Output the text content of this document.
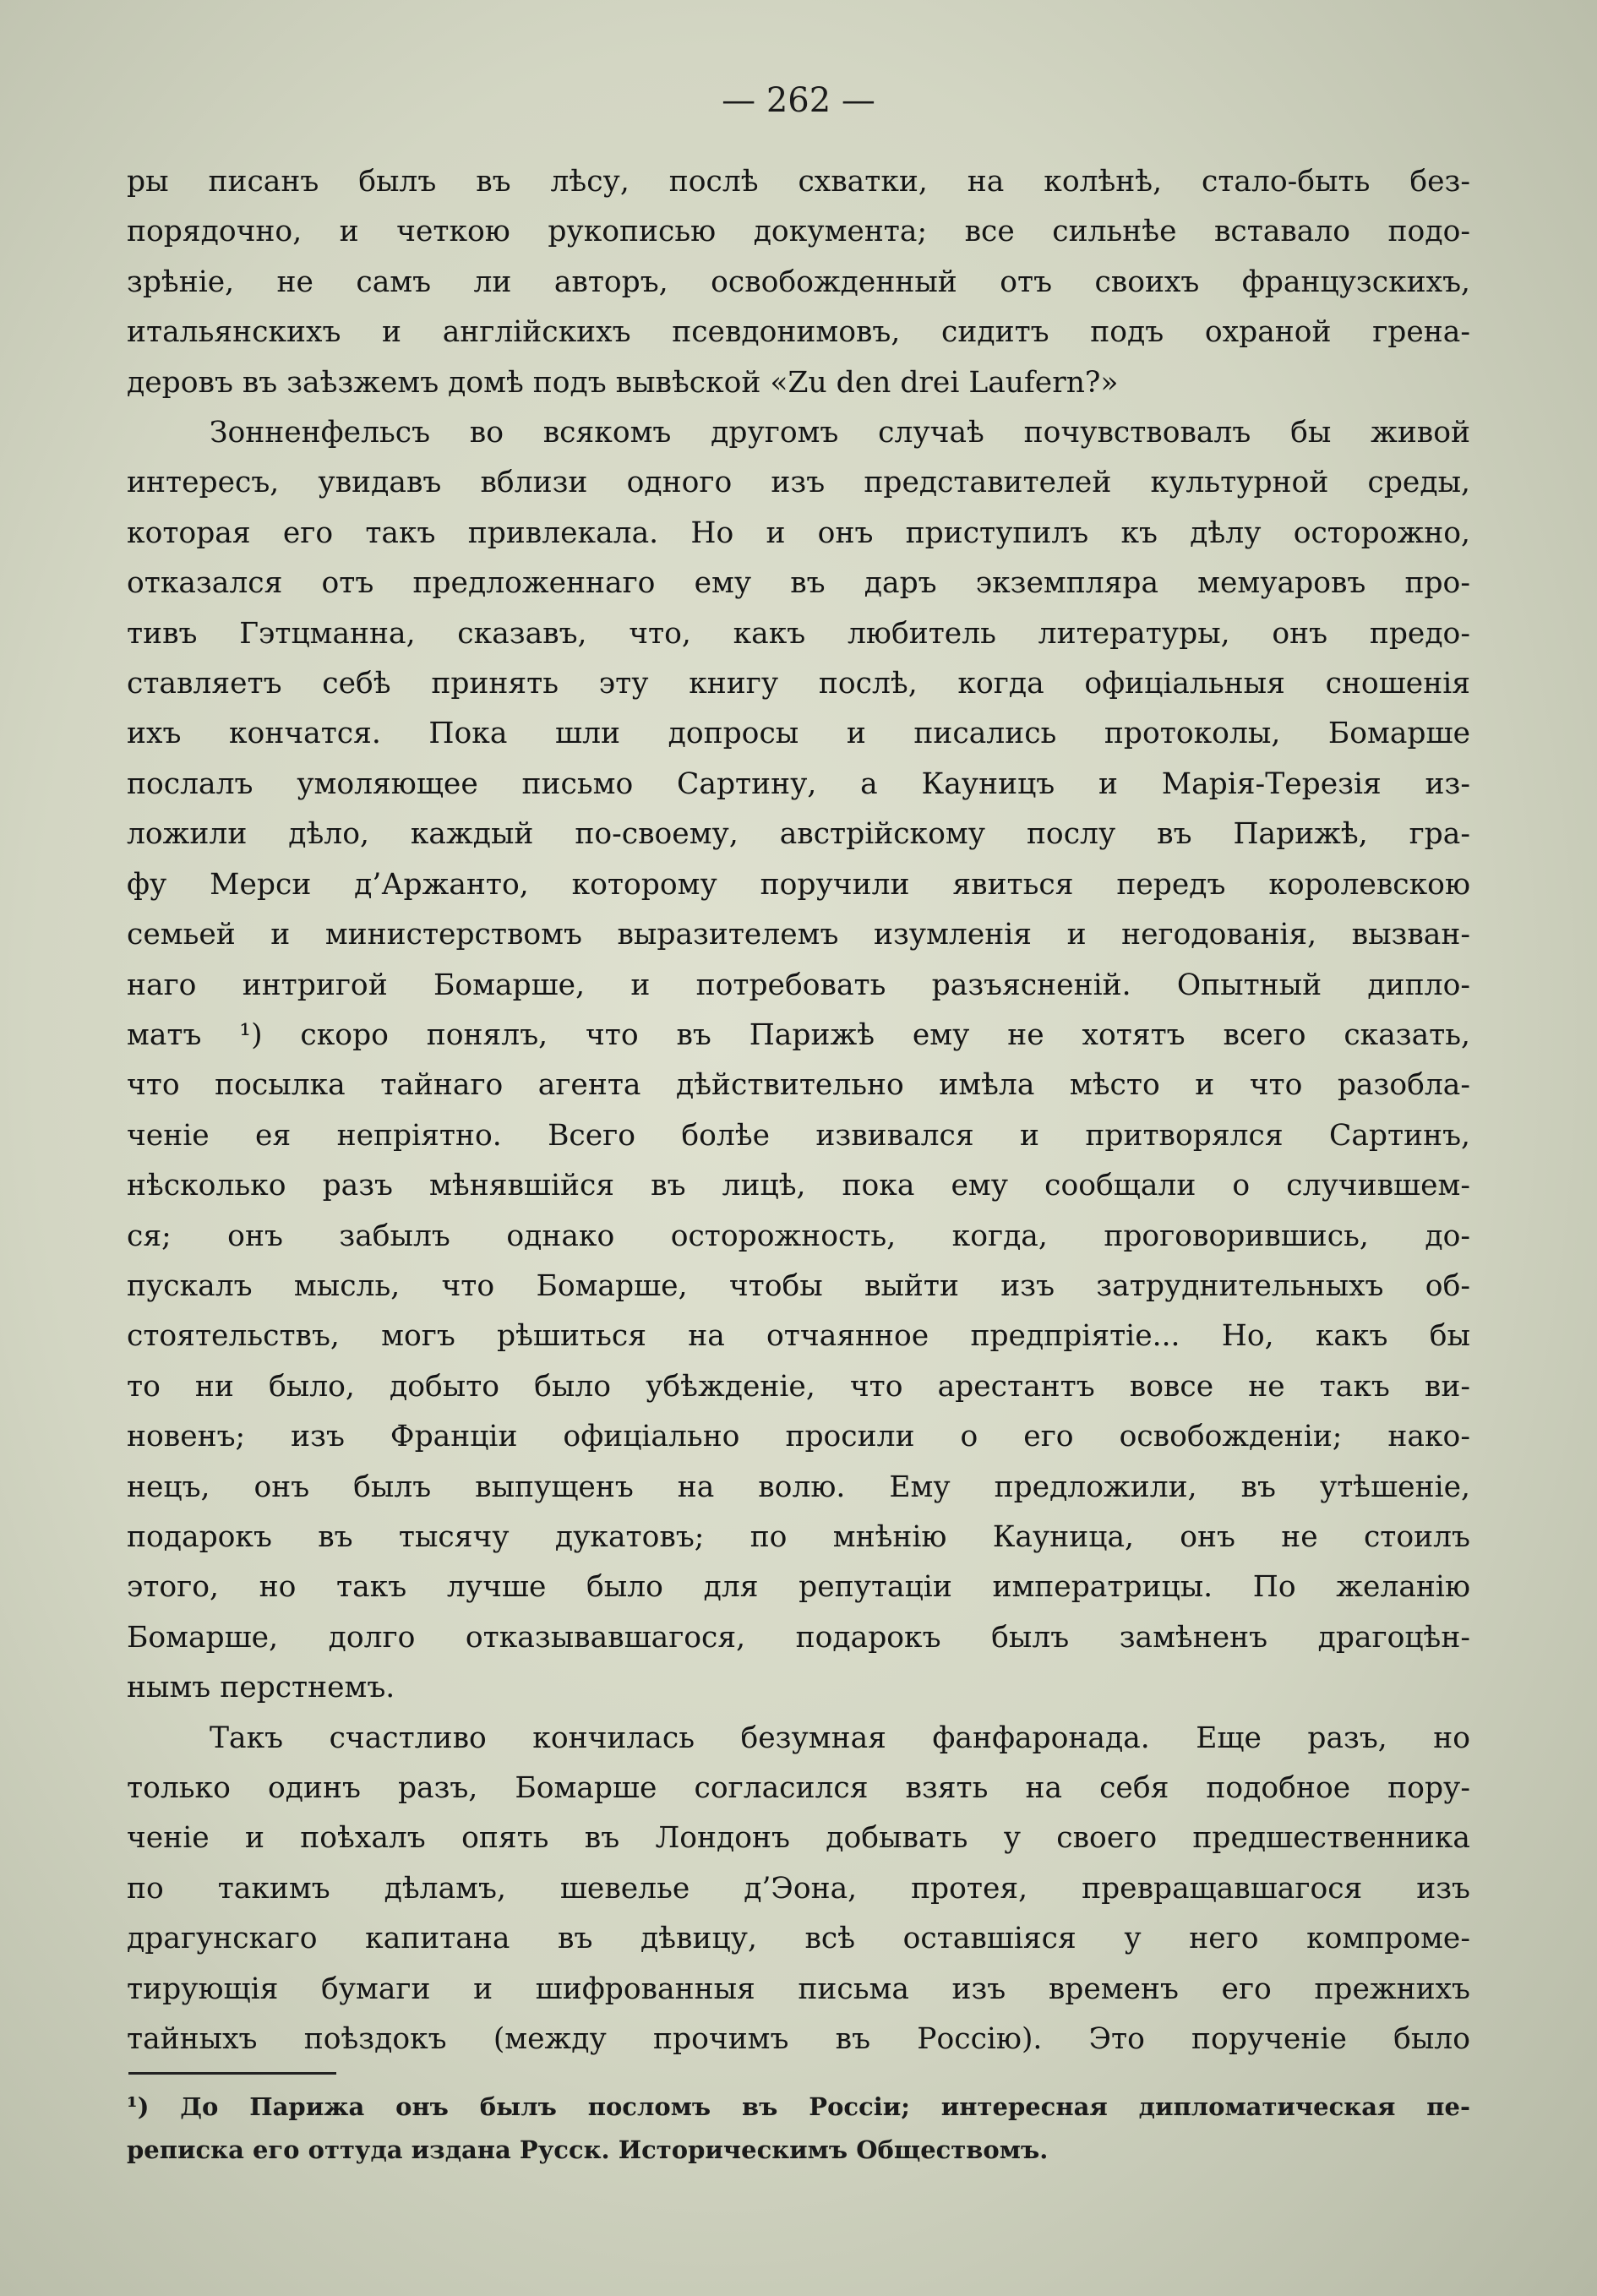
— 262 —
ры писанъ былъ въ лѣсу, послѣ схватки, на колѣнѣ, стало-быть без-
порядочно, и четкою рукописью документа; все сильнѣе вставало подо-
зрѣніе, не самъ ли авторъ, освобожденный отъ своихъ французскихъ,
итальянскихъ и англійскихъ псевдонимовъ, сидитъ подъ охраной грена-
деровъ въ заѣзжемъ домѣ подъ вывѣской «Zu den drei Laufern?»
Зонненфельсъ во всякомъ другомъ случаѣ почувствовалъ бы живой
интересъ, увидавъ вблизи одного изъ представителей культурной среды,
которая его такъ привлекала. Но и онъ приступилъ къ дѣлу осторожно,
отказался отъ предложеннаго ему въ даръ экземпляра мемуаровъ про-
тивъ Гэтцманна, сказавъ, что, какъ любитель литературы, онъ предо-
ставляетъ себѣ принять эту книгу послѣ, когда офиціальныя сношенія
ихъ кончатся. Пока шли допросы и писались протоколы, Бомарше
послалъ умоляющее письмо Сартину, а Кауницъ и Марія-Терезія из-
ложили дѣло, каждый по-своему, австрійскому послу въ Парижѣ, гра-
фу Мерси д’Аржанто, которому поручили явиться передъ королевскою
семьей и министерствомъ выразителемъ изумленія и негодованія, вызван-
наго интригой Бомарше, и потребовать разъясненій. Опытный дипло-
матъ ¹) скоро понялъ, что въ Парижѣ ему не хотятъ всего сказать,
что посылка тайнаго агента дѣйствительно имѣла мѣсто и что разобла-
ченіе ея непріятно. Всего болѣе извивался и притворялся Сартинъ,
нѣсколько разъ мѣнявшійся въ лицѣ, пока ему сообщали о случившем-
ся; онъ забылъ однако осторожность, когда, проговорившись, до-
пускалъ мысль, что Бомарше, чтобы выйти изъ затруднительныхъ об-
стоятельствъ, могъ рѣшиться на отчаянное предпріятіе... Но, какъ бы
то ни было, добыто было убѣжденіе, что арестантъ вовсе не такъ ви-
новенъ; изъ Франціи офиціально просили о его освобожденіи; нако-
нецъ, онъ былъ выпущенъ на волю. Ему предложили, въ утѣшеніе,
подарокъ въ тысячу дукатовъ; по мнѣнію Кауница, онъ не стоилъ
этого, но такъ лучше было для репутаціи императрицы. По желанію
Бомарше, долго отказывавшагося, подарокъ былъ замѣненъ драгоцѣн-
нымъ перстнемъ.
Такъ счастливо кончилась безумная фанфаронада. Еще разъ, но
только одинъ разъ, Бомарше согласился взять на себя подобное пору-
ченіе и поѣхалъ опять въ Лондонъ добывать у своего предшественника
по такимъ дѣламъ, шевелье д’Эона, протея, превращавшагося изъ
драгунскаго капитана въ дѣвицу, всѣ оставшіяся у него компроме-
тирующія бумаги и шифрованныя письма изъ временъ его прежнихъ
тайныхъ поѣздокъ (между прочимъ въ Россію). Это порученіе было
¹) До Парижа онъ былъ посломъ въ Россіи; интересная дипломатическая пе-
реписка его оттуда издана Русск. Историческимъ Обществомъ.
